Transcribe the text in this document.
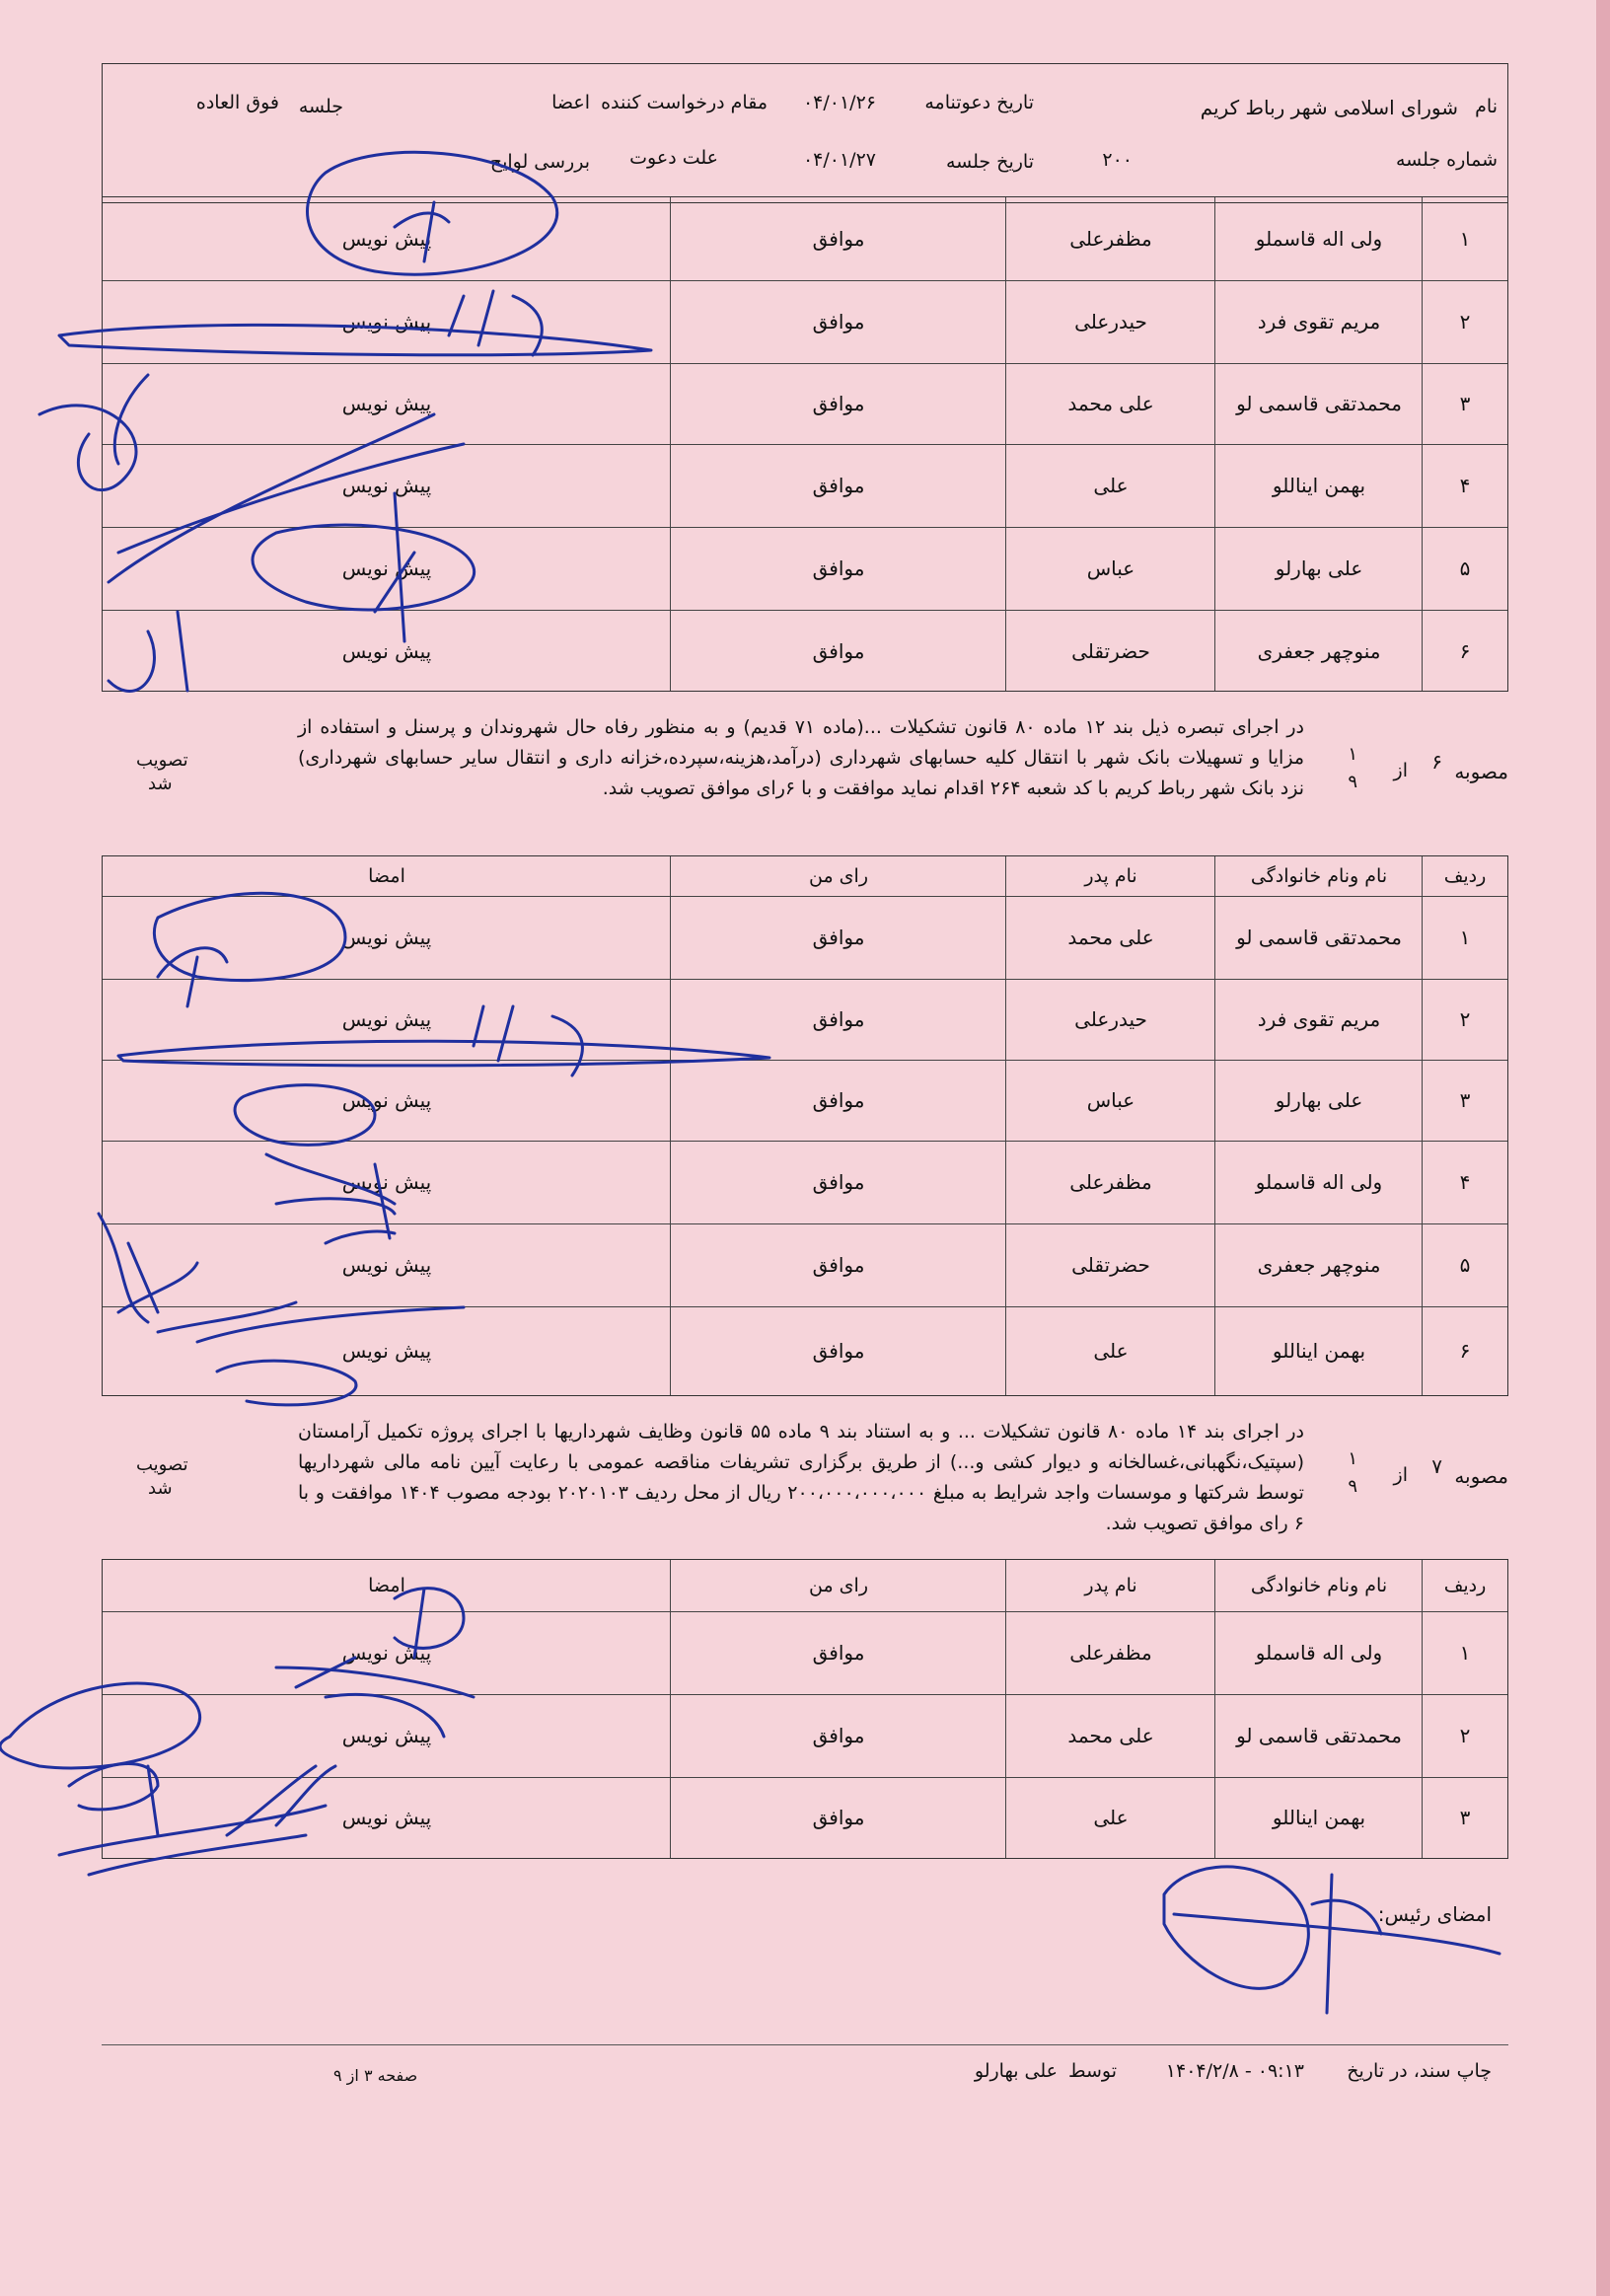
نام
شورای اسلامی شهر رباط کریم
تاریخ دعوتنامه
۰۴/۰۱/۲۶
مقام درخواست کننده
اعضا
جلسه
فوق العاده
شماره جلسه
۲۰۰
تاریخ جلسه
۰۴/۰۱/۲۷
علت دعوت
بررسی لوایح
۱
ولی اله قاسملو
مظفرعلی
موافق
پیش نویس
۲
مریم تقوی فرد
حیدرعلی
موافق
پیش نویس
۳
محمدتقی قاسمی لو
علی محمد
موافق
پیش نویس
۴
بهمن ایناللو
علی
موافق
پیش نویس
۵
علی بهارلو
عباس
موافق
پیش نویس
۶
منوچهر جعفری
حضرتقلی
موافق
پیش نویس
مصوبه
۶
از
۱
۹
در اجرای تبصره ذیل بند ۱۲ ماده ۸۰ قانون تشکیلات ...(ماده ۷۱ قدیم) و به منظور رفاه حال شهروندان و پرسنل و استفاده از مزایا و تسهیلات بانک شهر با انتقال کلیه حسابهای شهرداری (درآمد،هزینه،سپرده،خزانه داری و انتقال سایر حسابهای شهرداری) نزد بانک شهر رباط کریم با کد شعبه ۲۶۴ اقدام نماید موافقت و با ۶رای موافق تصویب شد.
تصویب
شد
ردیف
نام ونام خانوادگی
نام پدر
رای من
امضا
۱
محمدتقی قاسمی لو
علی محمد
موافق
پیش نویس
۲
مریم تقوی فرد
حیدرعلی
موافق
پیش نویس
۳
علی بهارلو
عباس
موافق
پیش نویس
۴
ولی اله قاسملو
مظفرعلی
موافق
پیش نویس
۵
منوچهر جعفری
حضرتقلی
موافق
پیش نویس
۶
بهمن ایناللو
علی
موافق
پیش نویس
مصوبه
۷
از
۱
۹
در اجرای بند ۱۴ ماده ۸۰ قانون تشکیلات ... و به استناد بند ۹ ماده ۵۵ قانون وظایف شهرداریها با اجرای پروژه تکمیل آرامستان (سپتیک،نگهبانی،غسالخانه و دیوار کشی و...) از طریق برگزاری تشریفات مناقصه عمومی با رعایت آیین نامه مالی شهرداریها توسط شرکتها و موسسات واجد شرایط به مبلغ ۲۰۰،۰۰۰،۰۰۰،۰۰۰ ریال از محل ردیف ۲۰۲۰۱۰۳ بودجه مصوب ۱۴۰۴ موافقت و با ۶ رای موافق تصویب شد.
تصویب
شد
ردیف
نام ونام خانوادگی
نام پدر
رای من
امضا
۱
ولی اله قاسملو
مظفرعلی
موافق
پیش نویس
۲
محمدتقی قاسمی لو
علی محمد
موافق
پیش نویس
۳
بهمن ایناللو
علی
موافق
پیش نویس
امضای رئیس:
چاپ سند، در تاریخ
۱۴۰۴/۲/۸ - ۰۹:۱۳
توسط
علی بهارلو
صفحه ۳ از ۹
